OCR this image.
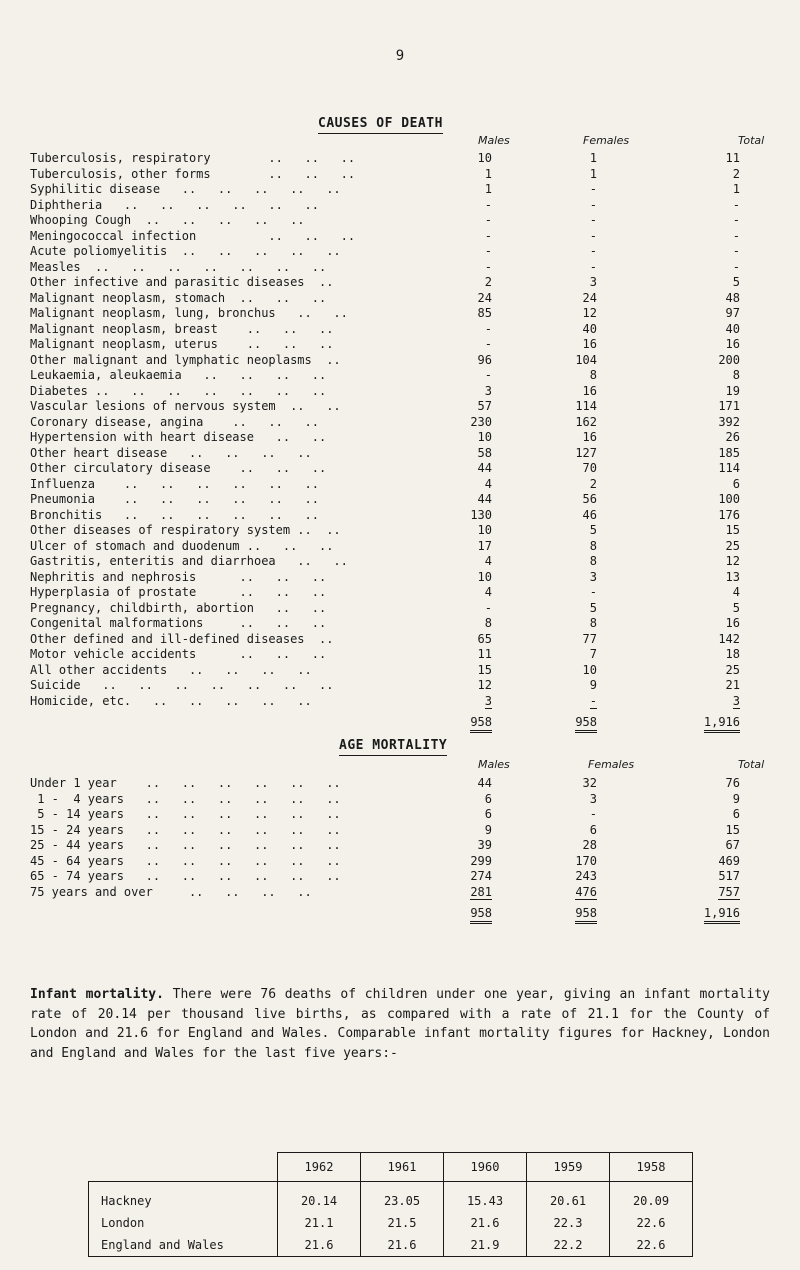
9
CAUSES OF DEATH
Males	Females	Total
Tuberculosis, respiratory        ..   ..   ..	10	1	11
Tuberculosis, other forms        ..   ..   ..	1	1	2
Syphilitic disease   ..   ..   ..   ..   ..	1	-	1
Diphtheria   ..   ..   ..   ..   ..   ..	-	-	-
Whooping Cough  ..   ..   ..   ..   ..	-	-	-
Meningococcal infection          ..   ..   ..	-	-	-
Acute poliomyelitis  ..   ..   ..   ..   ..	-	-	-
Measles  ..   ..   ..   ..   ..   ..   ..	-	-	-
Other infective and parasitic diseases  ..	2	3	5
Malignant neoplasm, stomach  ..   ..   ..	24	24	48
Malignant neoplasm, lung, bronchus   ..   ..	85	12	97
Malignant neoplasm, breast    ..   ..   ..	-	40	40
Malignant neoplasm, uterus    ..   ..   ..	-	16	16
Other malignant and lymphatic neoplasms  ..	96	104	200
Leukaemia, aleukaemia   ..   ..   ..   ..	-	8	8
Diabetes ..   ..   ..   ..   ..   ..   ..	3	16	19
Vascular lesions of nervous system  ..   ..	57	114	171
Coronary disease, angina    ..   ..   ..	230	162	392
Hypertension with heart disease   ..   ..	10	16	26
Other heart disease   ..   ..   ..   ..	58	127	185
Other circulatory disease    ..   ..   ..	44	70	114
Influenza    ..   ..   ..   ..   ..   ..	4	2	6
Pneumonia    ..   ..   ..   ..   ..   ..	44	56	100
Bronchitis   ..   ..   ..   ..   ..   ..	130	46	176
Other diseases of respiratory system ..  ..	10	5	15
Ulcer of stomach and duodenum ..   ..   ..	17	8	25
Gastritis, enteritis and diarrhoea   ..   ..	4	8	12
Nephritis and nephrosis      ..   ..   ..	10	3	13
Hyperplasia of prostate      ..   ..   ..	4	-	4
Pregnancy, childbirth, abortion   ..   ..	-	5	5
Congenital malformations     ..   ..   ..	8	8	16
Other defined and ill-defined diseases  ..	65	77	142
Motor vehicle accidents      ..   ..   ..	11	7	18
All other accidents   ..   ..   ..   ..	15	10	25
Suicide   ..   ..   ..   ..   ..   ..   ..	12	9	21
Homicide, etc.   ..   ..   ..   ..   ..	3	-	3
958	958	1,916
AGE MORTALITY
Males	Females	Total
Under 1 year    ..   ..   ..   ..   ..   ..	44	32	76
1 -  4 years   ..   ..   ..   ..   ..   ..	6	3	9
5 - 14 years   ..   ..   ..   ..   ..   ..	6	-	6
15 - 24 years   ..   ..   ..   ..   ..   ..	9	6	15
25 - 44 years   ..   ..   ..   ..   ..   ..	39	28	67
45 - 64 years   ..   ..   ..   ..   ..   ..	299	170	469
65 - 74 years   ..   ..   ..   ..   ..   ..	274	243	517
75 years and over     ..   ..   ..   ..	281	476	757
958	958	1,916
Infant mortality. There were 76 deaths of children under one year, giving an infant mortality rate of 20.14 per thousand live births, as compared with a rate of 21.1 for the County of London and 21.6 for England and Wales. Comparable infant mortality figures for Hackney, London and England and Wales for the last five years:-
	1962	1961	1960	1959	1958
Hackney	20.14	23.05	15.43	20.61	20.09
London	21.1	21.5	21.6	22.3	22.6
England and Wales	21.6	21.6	21.9	22.2	22.6
